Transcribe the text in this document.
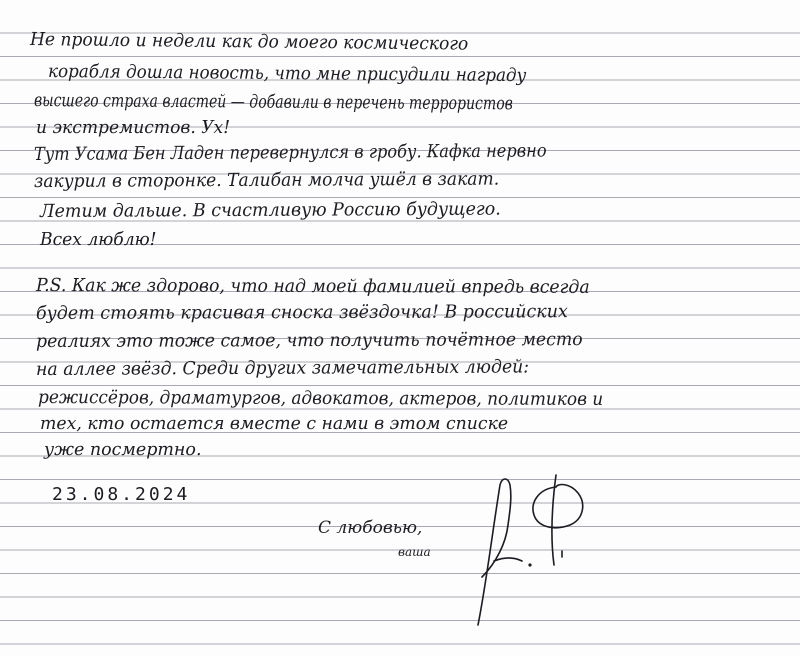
Не прошло и недели как до моего космического

корабля дошла новость, что мне присудили награду

высшего страха властей — добавили в перечень террористов

и экстремистов. Ух!

Тут Усама Бен Ладен перевернулся в гробу. Кафка нервно

закурил в сторонке. Талибан молча ушёл в закат.

Летим дальше. В счастливую Россию будущего.

Всех люблю!

P.S. Как же здорово, что над моей фамилией впредь всегда

будет стоять красивая сноска звёздочка! В российских

реалиях это тоже самое, что получить почётное место

на аллее звёзд. Среди других замечательных людей:

режиссёров, драматургов, адвокатов, актеров, политиков и

тех, кто остается вместе с нами в этом списке

уже посмертно.

23.08.2024
С любовью,
ваша
